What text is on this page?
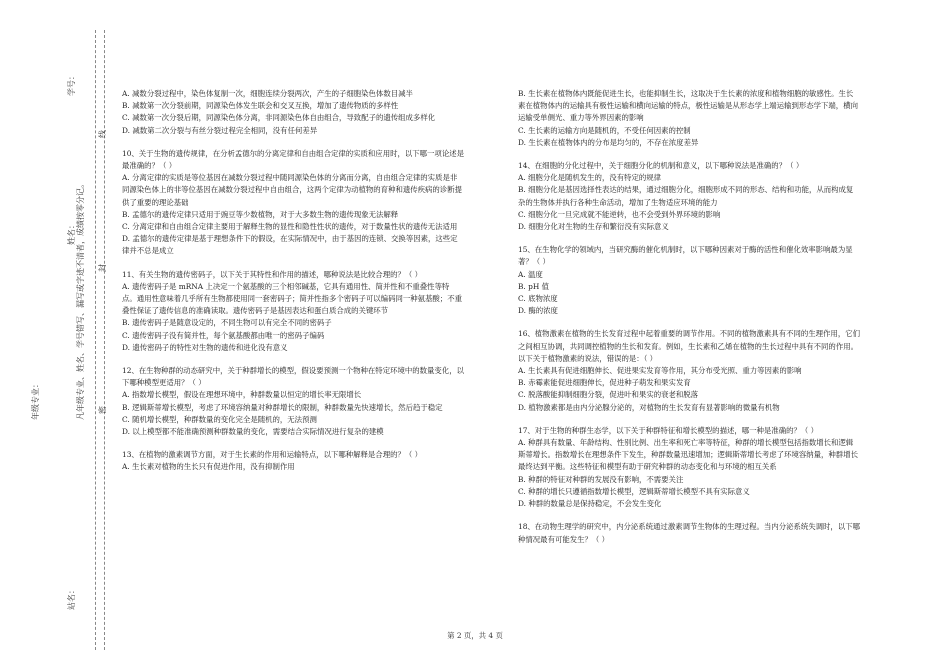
站名：
年级专业：	凡年级专业、姓名、学号错写、漏写或字迹不清者，成绩按零分记。
姓名：
学号：
密
封
线

A. 减数分裂过程中，染色体复制一次，细胞连续分裂两次，产生的子细胞染色体数目减半

B. 减数第一次分裂前期，同源染色体发生联会和交叉互换，增加了遗传物质的多样性

C. 减数第一次分裂后期，同源染色体分离，非同源染色体自由组合，导致配子的遗传组成多样化

D. 减数第二次分裂与有丝分裂过程完全相同，没有任何差异

10、关于生物的遗传规律，在分析孟德尔的分离定律和自由组合定律的实质和应用时，以下哪一项论述是最准确的？（ ）

A. 分离定律的实质是等位基因在减数分裂过程中随同源染色体的分离而分离，自由组合定律的实质是非同源染色体上的非等位基因在减数分裂过程中自由组合，这两个定律为动植物的育种和遗传疾病的诊断提供了重要的理论基础

B. 孟德尔的遗传定律只适用于豌豆等少数植物，对于大多数生物的遗传现象无法解释

C. 分离定律和自由组合定律主要用于解释生物的显性和隐性性状的遗传，对于数量性状的遗传无法适用

D. 孟德尔的遗传定律是基于理想条件下的假设，在实际情况中，由于基因的连锁、交换等因素，这些定律并不总是成立

11、有关生物的遗传密码子，以下关于其特性和作用的描述，哪种说法是比较合理的？（ ）

A. 遗传密码子是 mRNA 上决定一个氨基酸的三个相邻碱基，它具有通用性、简并性和不重叠性等特点。通用性意味着几乎所有生物都使用同一套密码子；简并性指多个密码子可以编码同一种氨基酸；不重叠性保证了遗传信息的准确读取。遗传密码子是基因表达和蛋白质合成的关键环节

B. 遗传密码子是随意设定的，不同生物可以有完全不同的密码子

C. 遗传密码子没有简并性，每个氨基酸都由唯一的密码子编码

D. 遗传密码子的特性对生物的遗传和进化没有意义

12、在生物种群的动态研究中，关于种群增长的模型，假设要预测一个物种在特定环境中的数量变化，以下哪种模型更适用？（ ）

A. 指数增长模型，假设在理想环境中，种群数量以恒定的增长率无限增长

B. 逻辑斯蒂增长模型，考虑了环境容纳量对种群增长的限制，种群数量先快速增长，然后趋于稳定

C. 随机增长模型，种群数量的变化完全是随机的，无法预测

D. 以上模型都不能准确预测种群数量的变化，需要结合实际情况进行复杂的建模

13、在植物的激素调节方面，对于生长素的作用和运输特点，以下哪种解释是合理的？（ ）

A. 生长素对植物的生长只有促进作用，没有抑制作用

B. 生长素在植物体内既能促进生长，也能抑制生长，这取决于生长素的浓度和植物细胞的敏感性。生长素在植物体内的运输具有极性运输和横向运输的特点，极性运输是从形态学上端运输到形态学下端，横向运输受单侧光、重力等外界因素的影响

C. 生长素的运输方向是随机的，不受任何因素的控制

D. 生长素在植物体内的分布是均匀的，不存在浓度差异

14、在细胞的分化过程中，关于细胞分化的机制和意义，以下哪种说法是准确的？（ ）

A. 细胞分化是随机发生的，没有特定的规律

B. 细胞分化是基因选择性表达的结果，通过细胞分化，细胞形成不同的形态、结构和功能，从而构成复杂的生物体并执行各种生命活动，增加了生物适应环境的能力

C. 细胞分化一旦完成就不能逆转，也不会受到外界环境的影响

D. 细胞分化对生物的生存和繁衍没有实际意义

15、在生物化学的领域内，当研究酶的催化机制时，以下哪种因素对于酶的活性和催化效率影响最为显著？（ ）

A. 温度

B. pH 值

C. 底物浓度

D. 酶的浓度

16、植物激素在植物的生长发育过程中起着重要的调节作用。不同的植物激素具有不同的生理作用，它们之间相互协调，共同调控植物的生长和发育。例如，生长素和乙烯在植物的生长过程中具有不同的作用。以下关于植物激素的说法，错误的是：（ ）

A. 生长素具有促进细胞伸长、促进果实发育等作用，其分布受光照、重力等因素的影响

B. 赤霉素能促进细胞伸长，促进种子萌发和果实发育

C. 脱落酸能抑制细胞分裂，促进叶和果实的衰老和脱落

D. 植物激素都是由内分泌腺分泌的，对植物的生长发育有显著影响的微量有机物

17、对于生物的种群生态学，以下关于种群特征和增长模型的描述，哪一种是准确的？（ ）

A. 种群具有数量、年龄结构、性别比例、出生率和死亡率等特征，种群的增长模型包括指数增长和逻辑斯蒂增长。指数增长在理想条件下发生，种群数量迅速增加；逻辑斯蒂增长考虑了环境容纳量，种群增长最终达到平衡。这些特征和模型有助于研究种群的动态变化和与环境的相互关系

B. 种群的特征对种群的发展没有影响，不需要关注

C. 种群的增长只遵循指数增长模型，逻辑斯蒂增长模型不具有实际意义

D. 种群的数量总是保持稳定，不会发生变化

18、在动物生理学的研究中，内分泌系统通过激素调节生物体的生理过程。当内分泌系统失调时，以下哪种情况最有可能发生？（ ）

第 2 页，共 4 页
